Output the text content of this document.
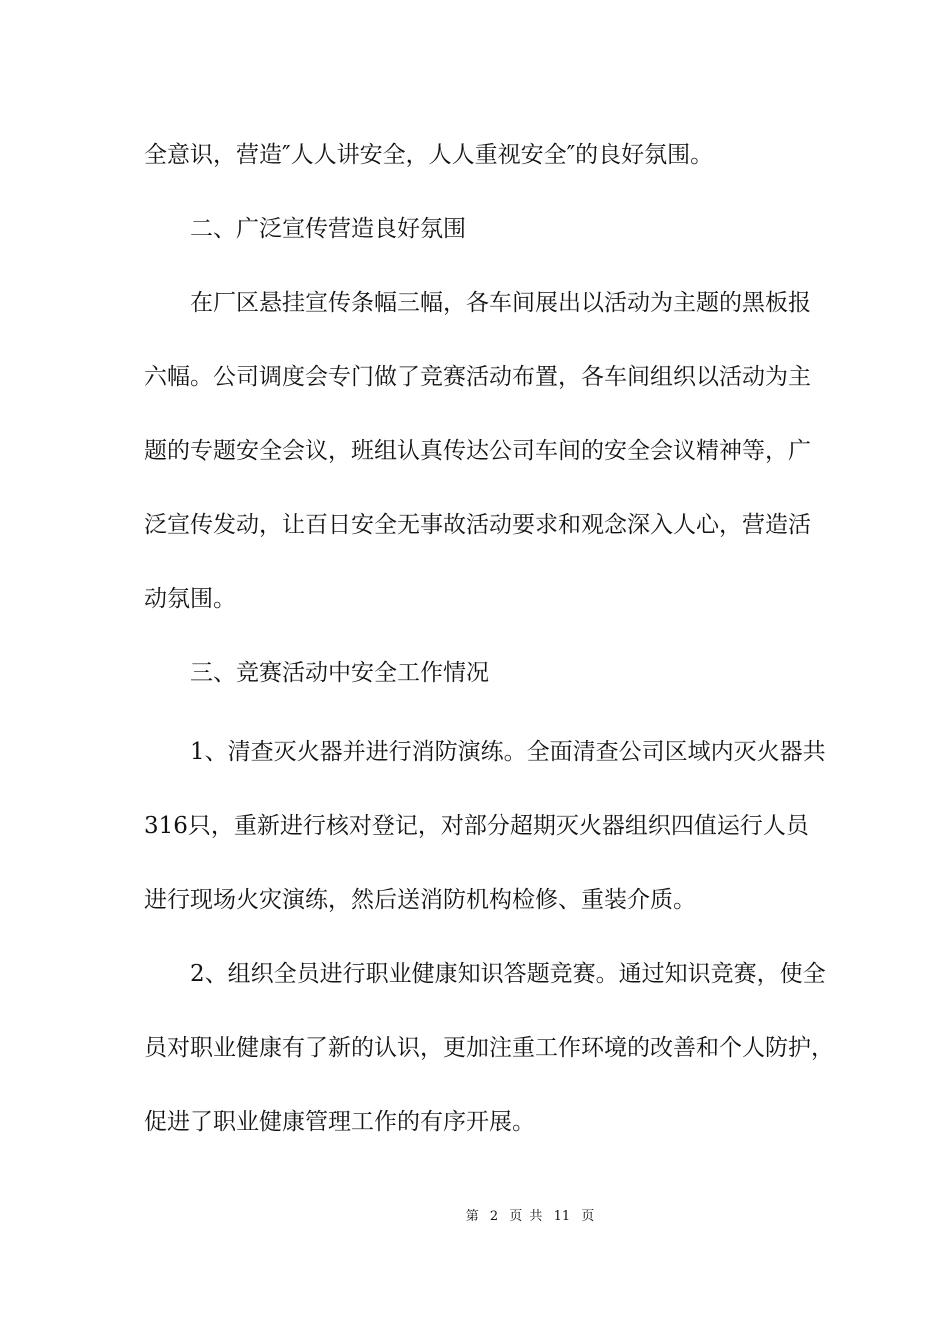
全意识，营造″人人讲安全，人人重视安全″的良好氛围。
　　二、广泛宣传营造良好氛围
　　在厂区悬挂宣传条幅三幅，各车间展出以活动为主题的黑板报
六幅。公司调度会专门做了竞赛活动布置，各车间组织以活动为主
题的专题安全会议，班组认真传达公司车间的安全会议精神等，广
泛宣传发动，让百日安全无事故活动要求和观念深入人心，营造活
动氛围。
　　三、竞赛活动中安全工作情况
　　1、清查灭火器并进行消防演练。全面清查公司区域内灭火器共
316只，重新进行核对登记，对部分超期灭火器组织四值运行人员
进行现场火灾演练，然后送消防机构检修、重装介质。
　　2、组织全员进行职业健康知识答题竞赛。通过知识竞赛，使全
员对职业健康有了新的认识，更加注重工作环境的改善和个人防护，
促进了职业健康管理工作的有序开展。
第 2 页 共 11 页
